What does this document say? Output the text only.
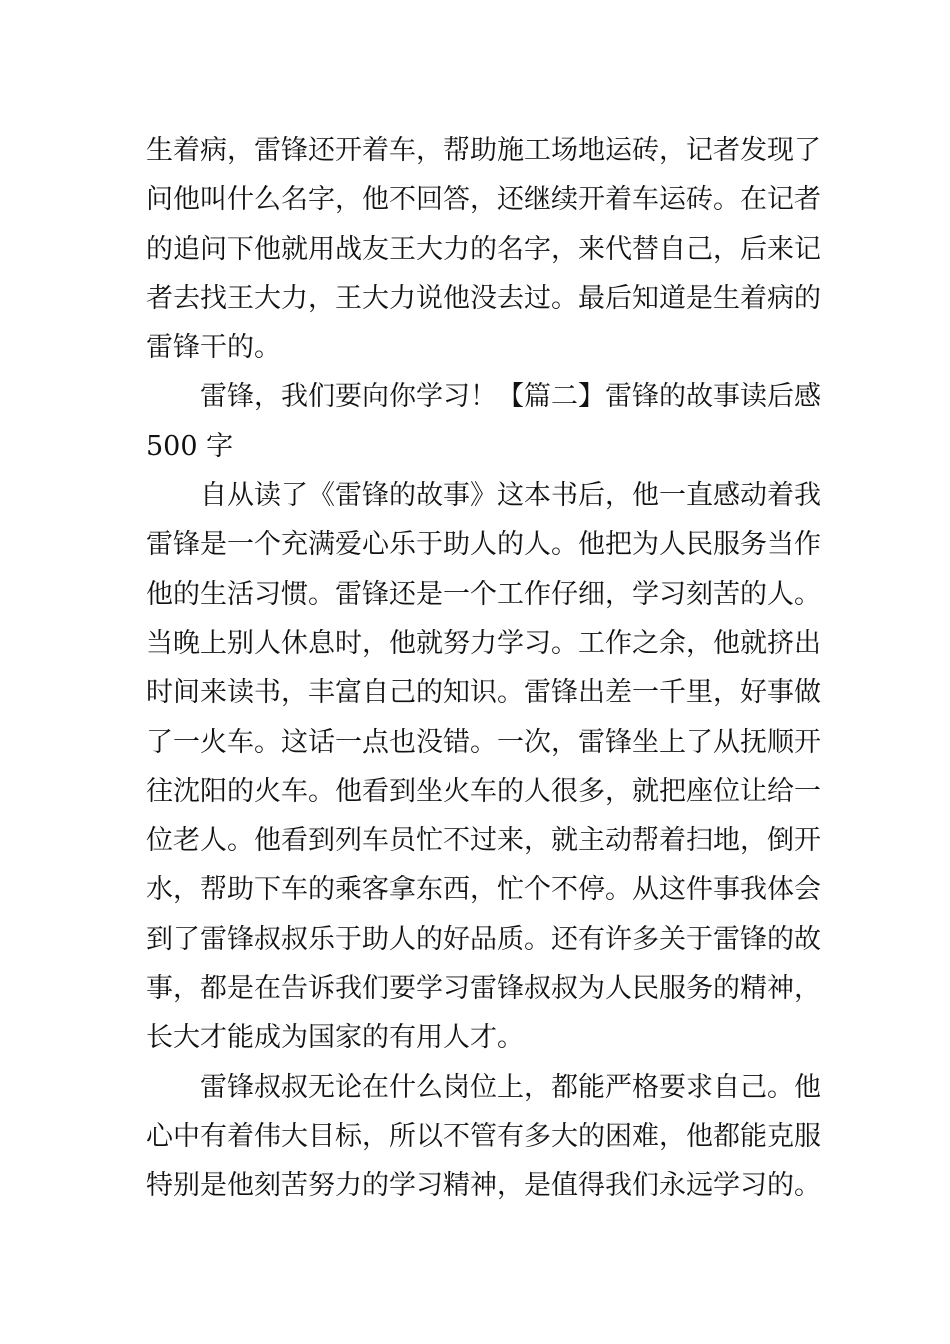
生着病，雷锋还开着车，帮助施工场地运砖，记者发现了
问他叫什么名字，他不回答，还继续开着车运砖。在记者
的追问下他就用战友王大力的名字，来代替自己，后来记
者去找王大力，王大力说他没去过。最后知道是生着病的
雷锋干的。
　　雷锋，我们要向你学习！【篇二】雷锋的故事读后感
500 字
　　自从读了《雷锋的故事》这本书后，他一直感动着我
雷锋是一个充满爱心乐于助人的人。他把为人民服务当作
他的生活习惯。雷锋还是一个工作仔细，学习刻苦的人。
当晚上别人休息时，他就努力学习。工作之余，他就挤出
时间来读书，丰富自己的知识。雷锋出差一千里，好事做
了一火车。这话一点也没错。一次，雷锋坐上了从抚顺开
往沈阳的火车。他看到坐火车的人很多，就把座位让给一
位老人。他看到列车员忙不过来，就主动帮着扫地，倒开
水，帮助下车的乘客拿东西，忙个不停。从这件事我体会
到了雷锋叔叔乐于助人的好品质。还有许多关于雷锋的故
事，都是在告诉我们要学习雷锋叔叔为人民服务的精神，
长大才能成为国家的有用人才。
　　雷锋叔叔无论在什么岗位上，都能严格要求自己。他
心中有着伟大目标，所以不管有多大的困难，他都能克服
特别是他刻苦努力的学习精神，是值得我们永远学习的。
